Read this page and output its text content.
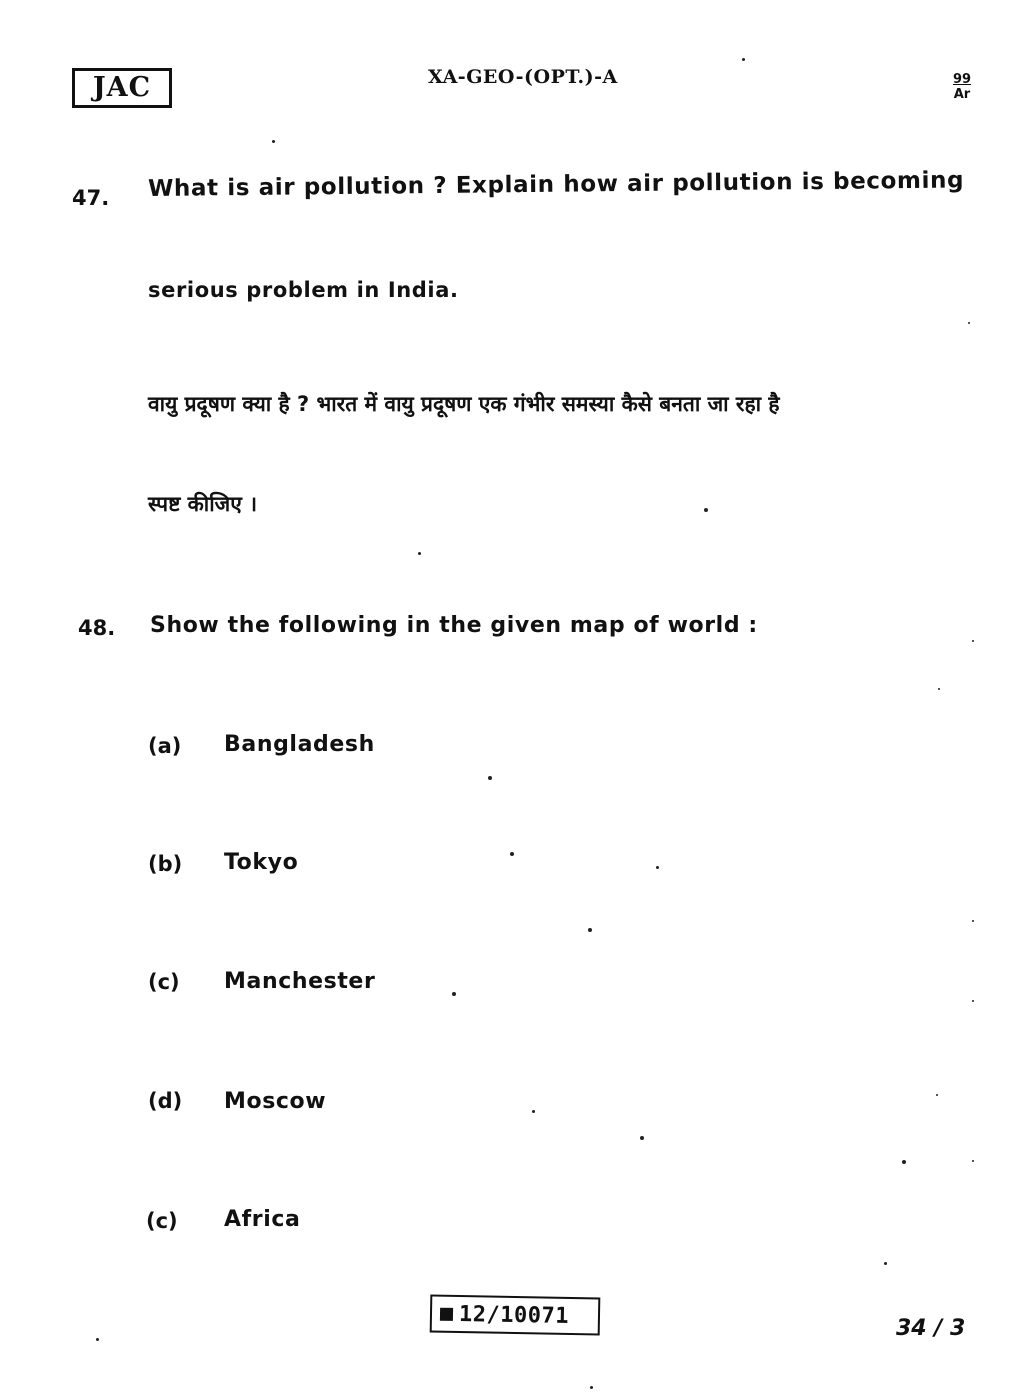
JAC	XA-GEO-(OPT.)-A	99
Ar
47. What is air pollution ? Explain how air pollution is becoming
serious problem in India.
वायु प्रदूषण क्या है ? भारत में वायु प्रदूषण एक गंभीर समस्या कैसे बनता जा रहा है
स्पष्ट कीजिए ।
48. Show the following in the given map of world :
(a) Bangladesh
(b) Tokyo
(c) Manchester
(d) Moscow
(c) Africa
12/10071
34 / 3
